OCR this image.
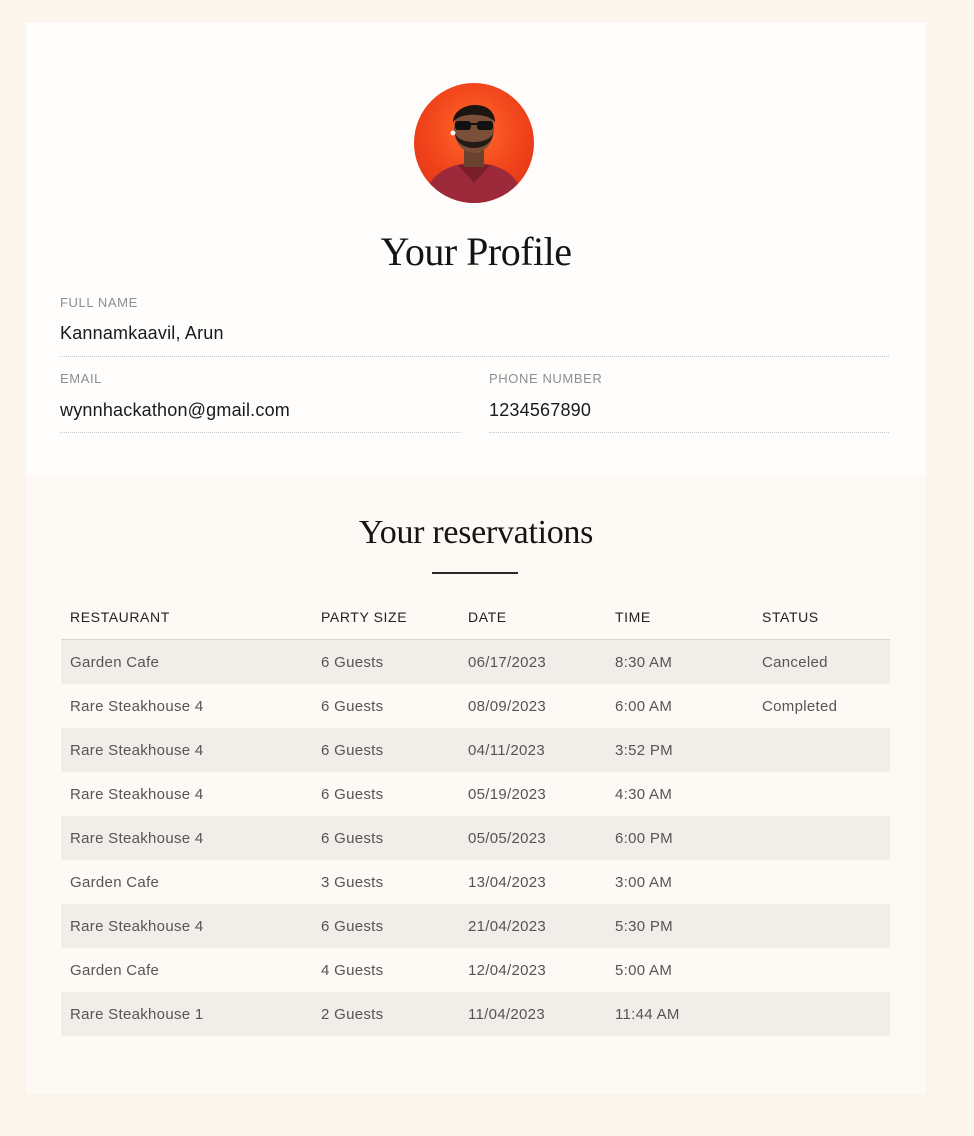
Your Profile
FULL NAME
Kannamkaavil, Arun
EMAIL
wynnhackathon@gmail.com
PHONE NUMBER
1234567890
Your reservations
RESTAURANT	PARTY SIZE	DATE	TIME	STATUS
Garden Cafe	6 Guests	06/17/2023	8:30 AM	Canceled
Rare Steakhouse 4	6 Guests	08/09/2023	6:00 AM	Completed
Rare Steakhouse 4	6 Guests	04/11/2023	3:52 PM	
Rare Steakhouse 4	6 Guests	05/19/2023	4:30 AM	
Rare Steakhouse 4	6 Guests	05/05/2023	6:00 PM	
Garden Cafe	3 Guests	13/04/2023	3:00 AM	
Rare Steakhouse 4	6 Guests	21/04/2023	5:30 PM	
Garden Cafe	4 Guests	12/04/2023	5:00 AM	
Rare Steakhouse 1	2 Guests	11/04/2023	11:44 AM	
